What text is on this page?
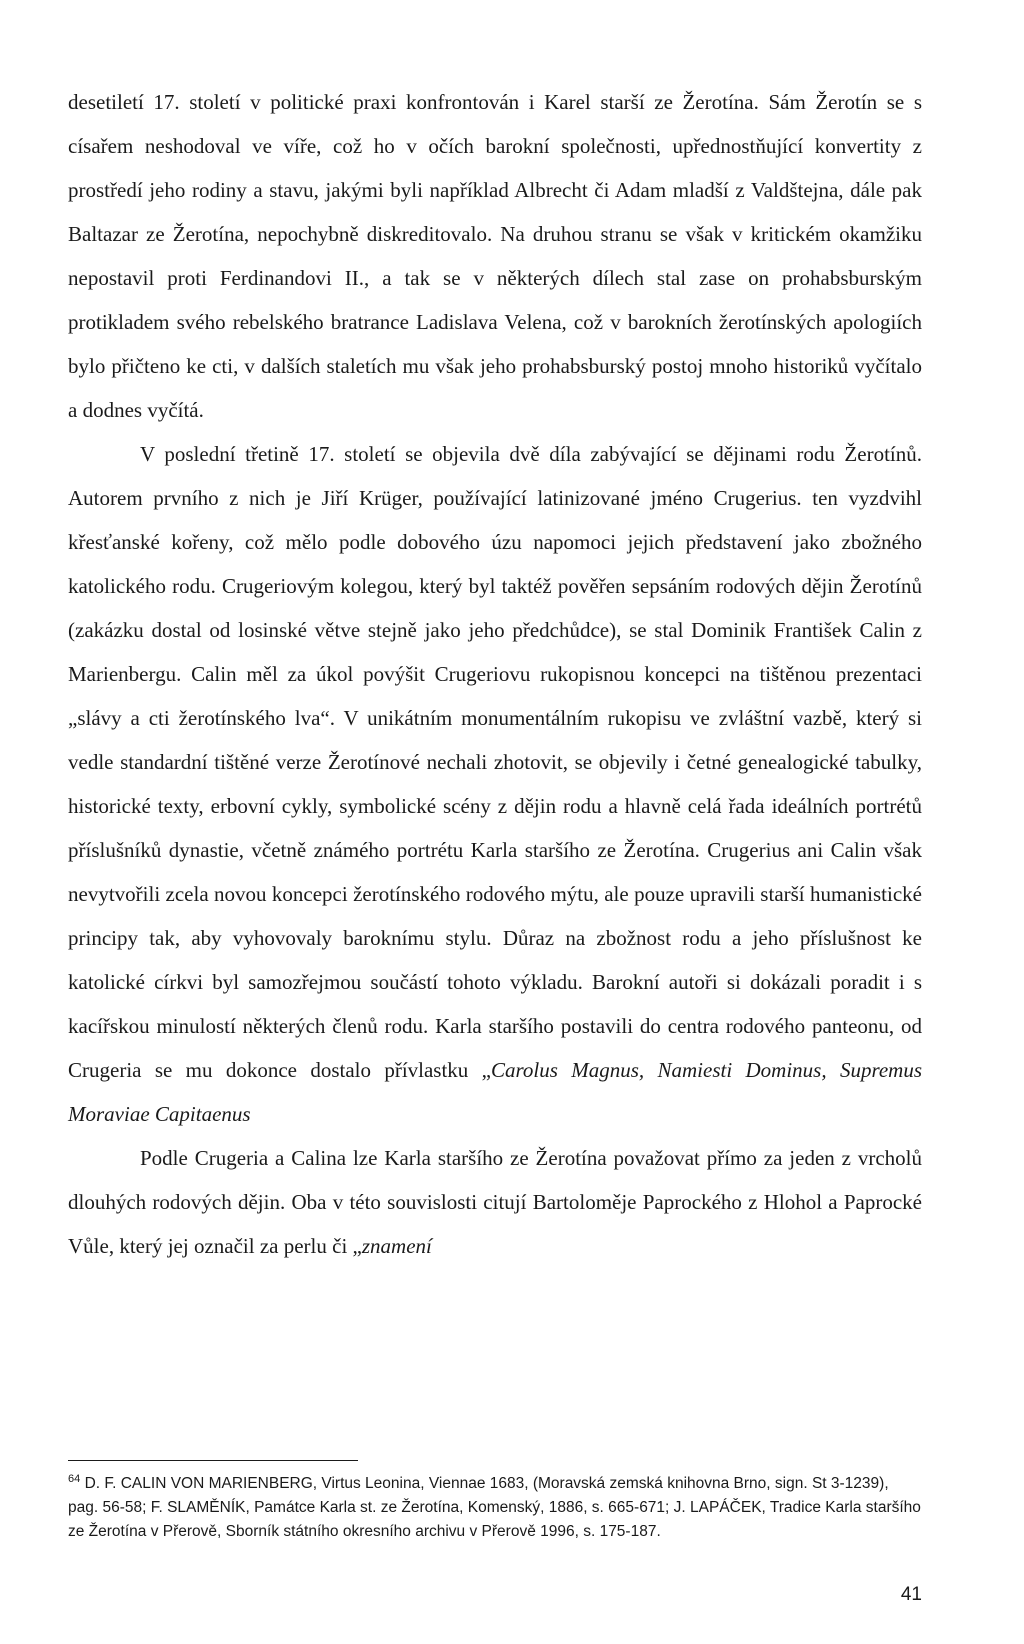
desetiletí 17. století v politické praxi konfrontován i Karel starší ze Žerotína. Sám Žerotín se s císařem neshodoval ve víře, což ho v očích barokní společnosti, upřednostňující konvertity z prostředí jeho rodiny a stavu, jakými byli například Albrecht či Adam mladší z Valdštejna, dále pak Baltazar ze Žerotína, nepochybně diskreditovalo. Na druhou stranu se však v kritickém okamžiku nepostavil proti Ferdinandovi II., a tak se v některých dílech stal zase on prohabsburským protikladem svého rebelského bratrance Ladislava Velena, což v barokních žerotínských apologiích bylo přičteno ke cti, v dalších staletích mu však jeho prohabsburský postoj mnoho historiků vyčítalo a dodnes vyčítá.

V poslední třetině 17. století se objevila dvě díla zabývající se dějinami rodu Žerotínů. Autorem prvního z nich je Jiří Krüger, používající latinizované jméno Crugerius. ten vyzdvihl křesťanské kořeny, což mělo podle dobového úzu napomoci jejich představení jako zbožného katolického rodu. Crugeriovým kolegou, který byl taktéž pověřen sepsáním rodových dějin Žerotínů (zakázku dostal od losinské větve stejně jako jeho předchůdce), se stal Dominik František Calin z Marienbergu. Calin měl za úkol povýšit Crugeriovu rukopisnou koncepci na tištěnou prezentaci „slávy a cti žerotínského lva“. V unikátním monumentálním rukopisu ve zvláštní vazbě, který si vedle standardní tištěné verze Žerotínové nechali zhotovit, se objevily i četné genealogické tabulky, historické texty, erbovní cykly, symbolické scény z dějin rodu a hlavně celá řada ideálních portrétů příslušníků dynastie, včetně známého portrétu Karla staršího ze Žerotína. Crugerius ani Calin však nevytvořili zcela novou koncepci žerotínského rodového mýtu, ale pouze upravili starší humanistické principy tak, aby vyhovovaly baroknímu stylu. Důraz na zbožnost rodu a jeho příslušnost ke katolické církvi byl samozřejmou součástí tohoto výkladu. Barokní autoři si dokázali poradit i s kacířskou minulostí některých členů rodu. Karla staršího postavili do centra rodového panteonu, od Crugeria se mu dokonce dostalo přívlastku „Carolus Magnus, Namiesti Dominus, Supremus Moraviae Capitaenus

Podle Crugeria a Calina lze Karla staršího ze Žerotína považovat přímo za jeden z vrcholů dlouhých rodových dějin. Oba v této souvislosti citují Bartoloměje Paprockého z Hlohol a Paprocké Vůle, který jej označil za perlu či „znamení

$^{64}$ D. F. CALIN VON MARIENBERG, Virtus Leonina, Viennae 1683, (Moravská zemská knihovna Brno, sign. St 3-1239), pag. 56-58; F. SLAMĚNÍK, Památce Karla st. ze Žerotína, Komenský, 1886, s. 665-671; J. LAPÁČEK, Tradice Karla staršího ze Žerotína v Přerově, Sborník státního okresního archivu v Přerově 1996, s. 175-187.
41
